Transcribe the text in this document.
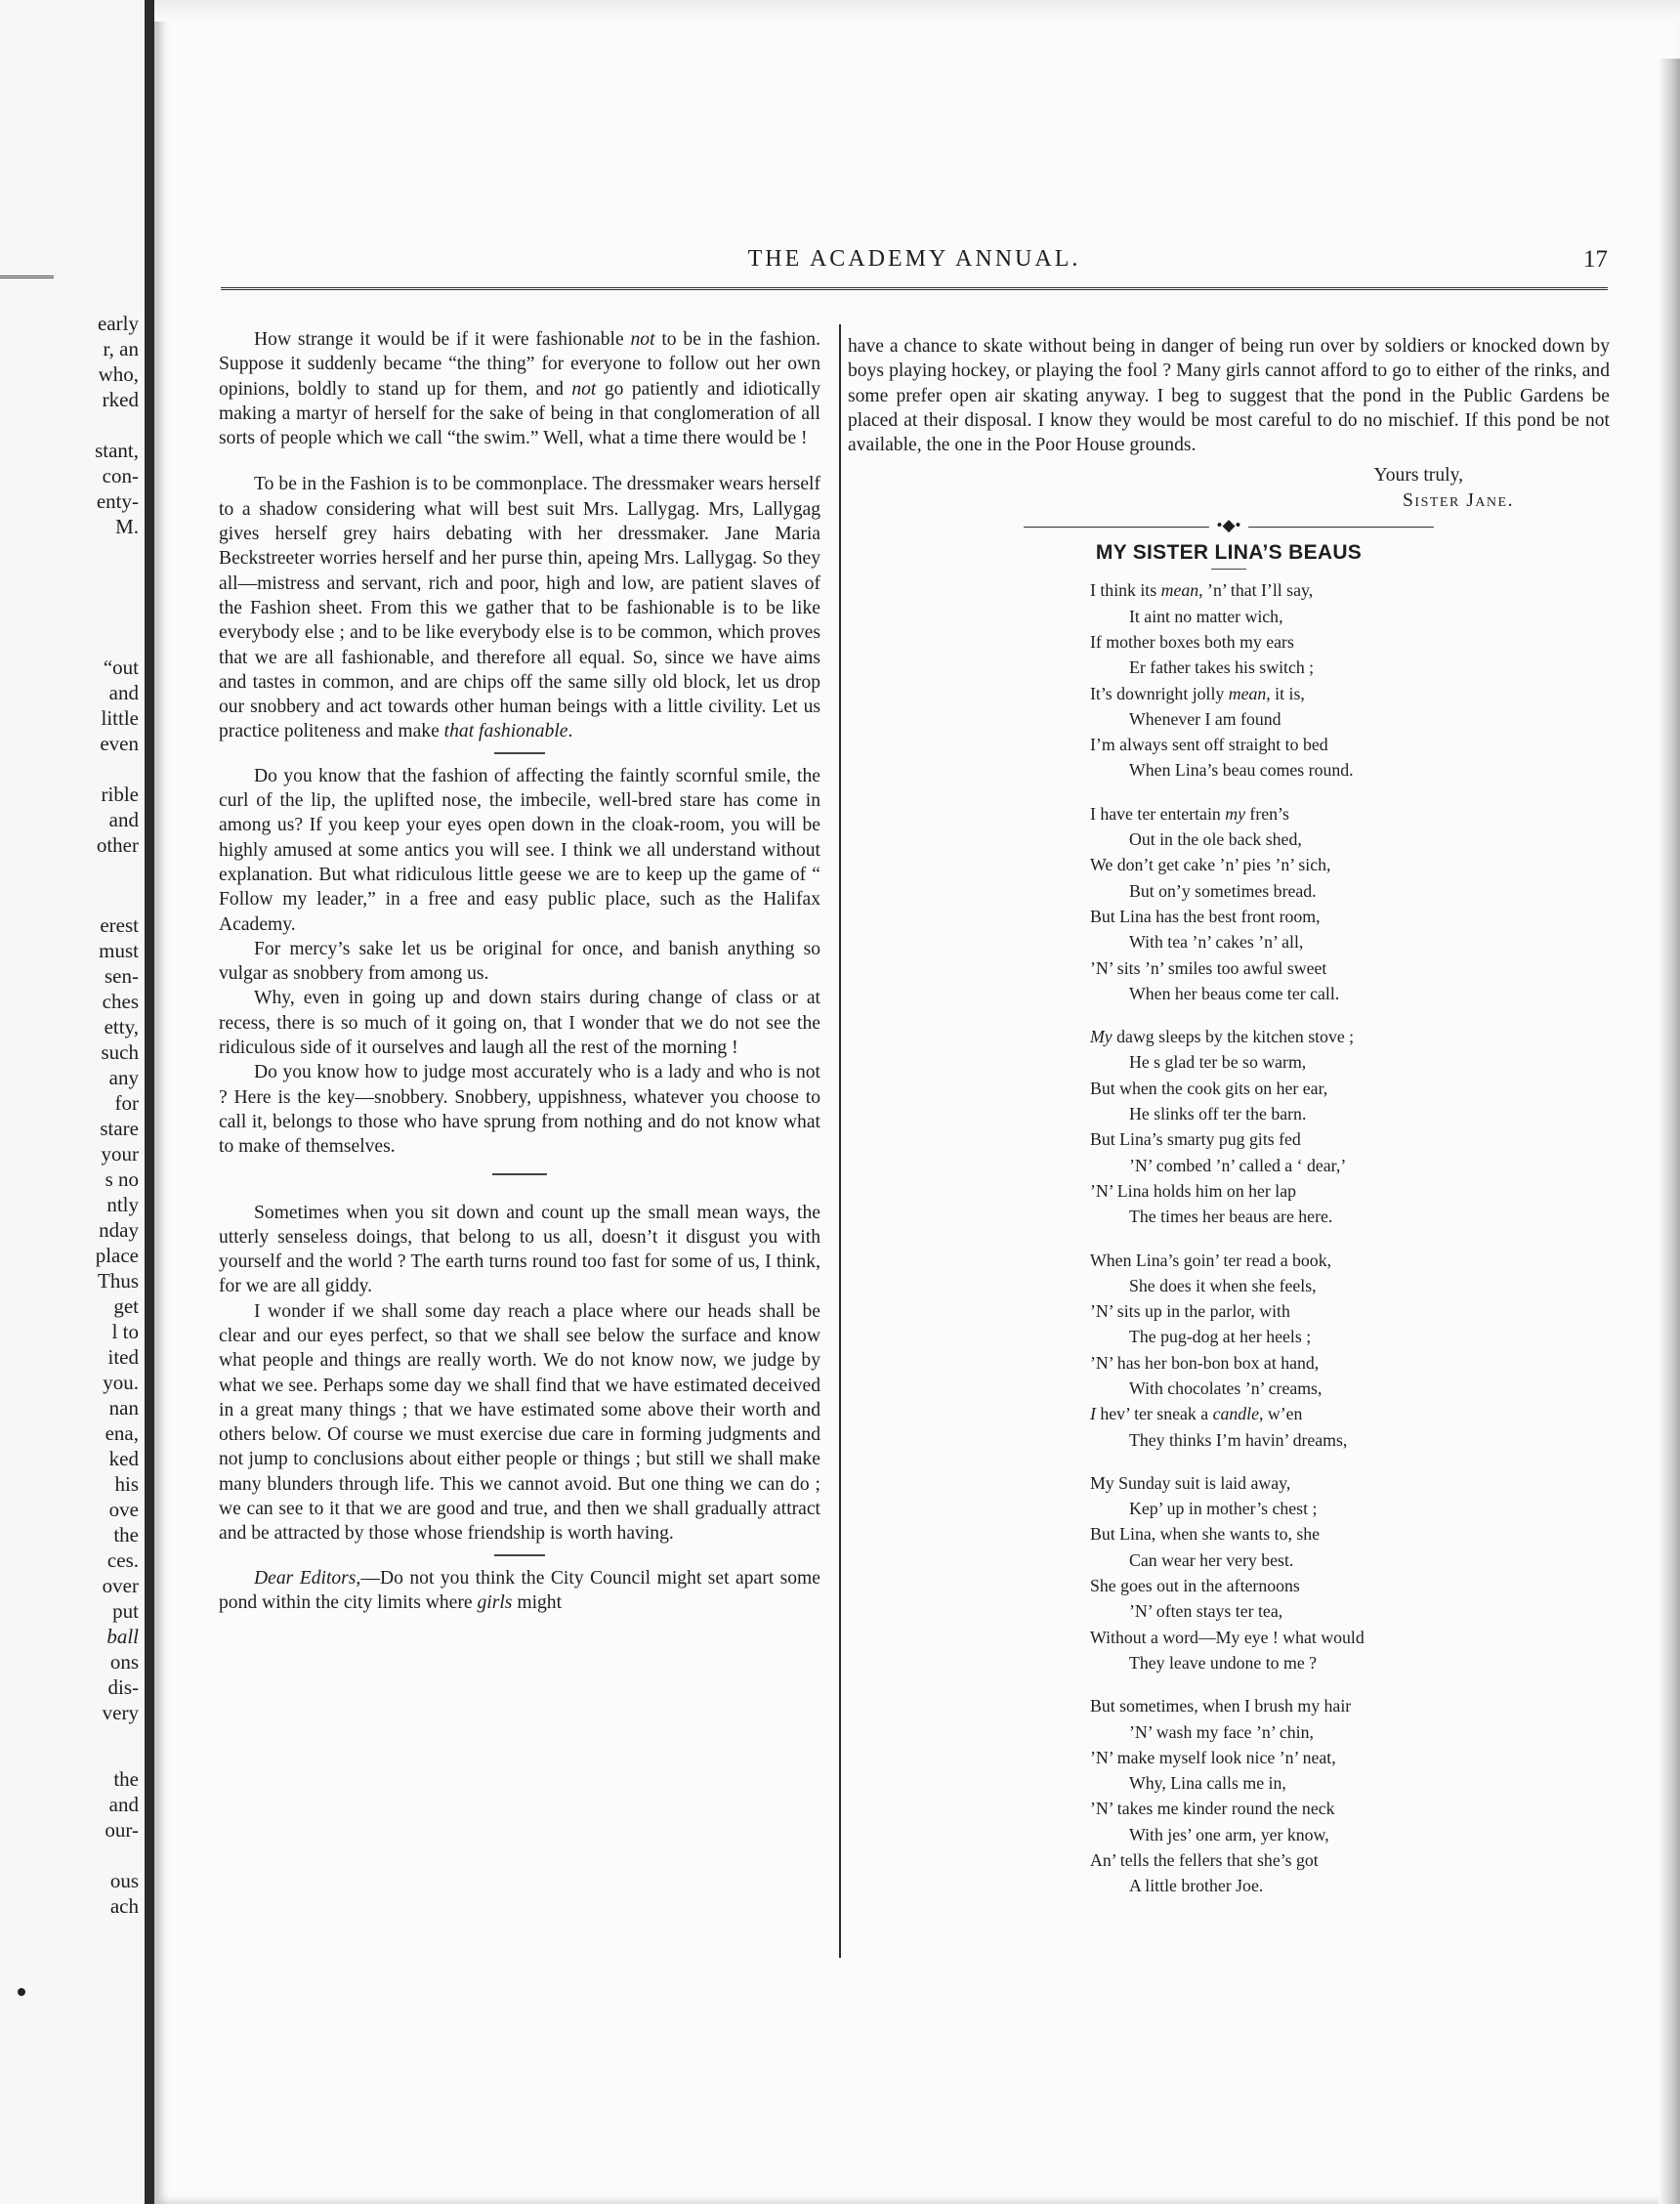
early
r, an
who,
rked
stant,
con-
enty-
M.
“out
and
little
even
rible
and
other
erest
must
sen-
ches
etty,
such
any
for
stare
your
s no
ntly
nday
place
Thus
get
l to
ited
you.
nan
ena,
ked
his
ove
the
ces.
over
put
ball
ons
dis-
very
the
and
our-
ous
ach
THE ACADEMY ANNUAL.	17

How strange it would be if it were fashionable not to be in the fashion. Suppose it suddenly became “the thing” for everyone to follow out her own opinions, boldly to stand up for them, and not go patiently and idiotically making a martyr of herself for the sake of being in that conglomeration of all sorts of people which we call “the swim.” Well, what a time there would be !

To be in the Fashion is to be commonplace. The dressmaker wears herself to a shadow considering what will best suit Mrs. Lallygag. Mrs, Lallygag gives herself grey hairs debating with her dressmaker. Jane Maria Beckstreeter worries herself and her purse thin, apeing Mrs. Lallygag. So they all—mistress and servant, rich and poor, high and low, are patient slaves of the Fashion sheet. From this we gather that to be fashionable is to be like everybody else ; and to be like everybody else is to be common, which proves that we are all fashionable, and therefore all equal. So, since we have aims and tastes in common, and are chips off the same silly old block, let us drop our snobbery and act towards other human beings with a little civility. Let us practice politeness and make that fashionable.

Do you know that the fashion of affecting the faintly scornful smile, the curl of the lip, the uplifted nose, the imbecile, well-bred stare has come in among us? If you keep your eyes open down in the cloak-room, you will be highly amused at some antics you will see. I think we all understand without explanation. But what ridiculous little geese we are to keep up the game of “ Follow my leader,” in a free and easy public place, such as the Halifax Academy.

For mercy’s sake let us be original for once, and banish anything so vulgar as snobbery from among us.

Why, even in going up and down stairs during change of class or at recess, there is so much of it going on, that I wonder that we do not see the ridiculous side of it ourselves and laugh all the rest of the morning !

Do you know how to judge most accurately who is a lady and who is not ? Here is the key—snobbery. Snobbery, uppishness, whatever you choose to call it, belongs to those who have sprung from nothing and do not know what to make of themselves.

Sometimes when you sit down and count up the small mean ways, the utterly senseless doings, that belong to us all, doesn’t it disgust you with yourself and the world ? The earth turns round too fast for some of us, I think, for we are all giddy.

I wonder if we shall some day reach a place where our heads shall be clear and our eyes perfect, so that we shall see below the surface and know what people and things are really worth. We do not know now, we judge by what we see. Perhaps some day we shall find that we have estimated deceived in a great many things ; that we have estimated some above their worth and others below. Of course we must exercise due care in forming judgments and not jump to conclusions about either people or things ; but still we shall make many blunders through life. This we cannot avoid. But one thing we can do ; we can see to it that we are good and true, and then we shall gradually attract and be attracted by those whose friendship is worth having.

Dear Editors,—Do not you think the City Council might set apart some pond within the city limits where girls might

have a chance to skate without being in danger of being run over by soldiers or knocked down by boys playing hockey, or playing the fool ? Many girls cannot afford to go to either of the rinks, and some prefer open air skating anyway. I beg to suggest that the pond in the Public Gardens be placed at their disposal. I know they would be most careful to do no mischief. If this pond be not available, the one in the Poor House grounds.

Yours truly,
Sister Jane.
•◆•
MY SISTER LINA’S BEAUS
I think its mean, ’n’ that I’ll say,
It aint no matter wich,
If mother boxes both my ears
Er father takes his switch ;
It’s downright jolly mean, it is,
Whenever I am found
I’m always sent off straight to bed
When Lina’s beau comes round.
I have ter entertain my fren’s
Out in the ole back shed,
We don’t get cake ’n’ pies ’n’ sich,
But on’y sometimes bread.
But Lina has the best front room,
With tea ’n’ cakes ’n’ all,
’N’ sits ’n’ smiles too awful sweet
When her beaus come ter call.
My dawg sleeps by the kitchen stove ;
He s glad ter be so warm,
But when the cook gits on her ear,
He slinks off ter the barn.
But Lina’s smarty pug gits fed
’N’ combed ’n’ called a ‘ dear,’
’N’ Lina holds him on her lap
The times her beaus are here.
When Lina’s goin’ ter read a book,
She does it when she feels,
’N’ sits up in the parlor, with
The pug-dog at her heels ;
’N’ has her bon-bon box at hand,
With chocolates ’n’ creams,
I hev’ ter sneak a candle, w’en
They thinks I’m havin’ dreams,
My Sunday suit is laid away,
Kep’ up in mother’s chest ;
But Lina, when she wants to, she
Can wear her very best.
She goes out in the afternoons
’N’ often stays ter tea,
Without a word—My eye ! what would
They leave undone to me ?
But sometimes, when I brush my hair
’N’ wash my face ’n’ chin,
’N’ make myself look nice ’n’ neat,
Why, Lina calls me in,
’N’ takes me kinder round the neck
With jes’ one arm, yer know,
An’ tells the fellers that she’s got
A little brother Joe.
